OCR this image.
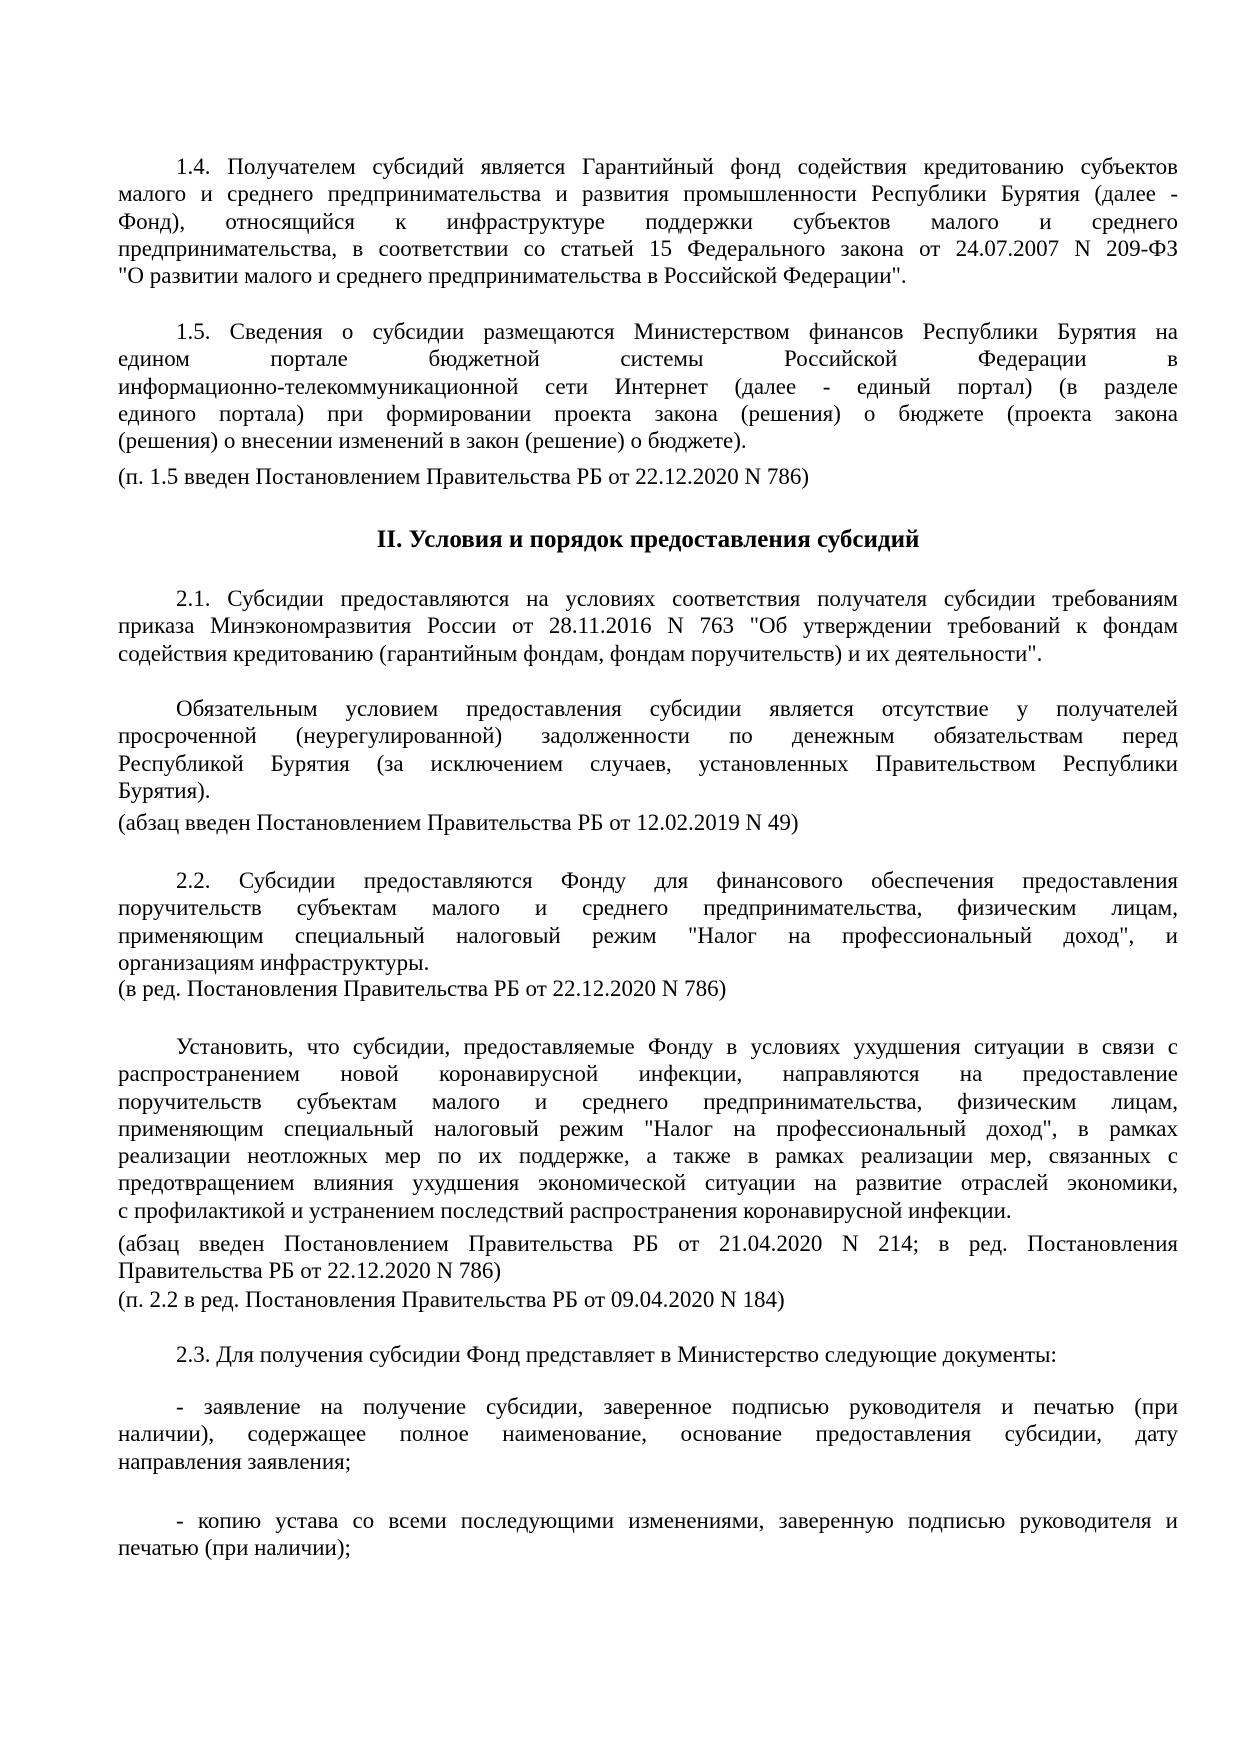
1.4. Получателем субсидий является Гарантийный фонд содействия кредитованию субъектов
малого и среднего предпринимательства и развития промышленности Республики Бурятия (далее -
Фонд), относящийся к инфраструктуре поддержки субъектов малого и среднего
предпринимательства, в соответствии со статьей 15 Федерального закона от 24.07.2007 N 209-ФЗ
"О развитии малого и среднего предпринимательства в Российской Федерации".
1.5. Сведения о субсидии размещаются Министерством финансов Республики Бурятия на
едином портале бюджетной системы Российской Федерации в
информационно-телекоммуникационной сети Интернет (далее - единый портал) (в разделе
единого портала) при формировании проекта закона (решения) о бюджете (проекта закона
(решения) о внесении изменений в закон (решение) о бюджете).
(п. 1.5 введен Постановлением Правительства РБ от 22.12.2020 N 786)
II. Условия и порядок предоставления субсидий
2.1. Субсидии предоставляются на условиях соответствия получателя субсидии требованиям
приказа Минэкономразвития России от 28.11.2016 N 763 "Об утверждении требований к фондам
содействия кредитованию (гарантийным фондам, фондам поручительств) и их деятельности".
Обязательным условием предоставления субсидии является отсутствие у получателей
просроченной (неурегулированной) задолженности по денежным обязательствам перед
Республикой Бурятия (за исключением случаев, установленных Правительством Республики
Бурятия).
(абзац введен Постановлением Правительства РБ от 12.02.2019 N 49)
2.2. Субсидии предоставляются Фонду для финансового обеспечения предоставления
поручительств субъектам малого и среднего предпринимательства, физическим лицам,
применяющим специальный налоговый режим "Налог на профессиональный доход", и
организациям инфраструктуры.
(в ред. Постановления Правительства РБ от 22.12.2020 N 786)
Установить, что субсидии, предоставляемые Фонду в условиях ухудшения ситуации в связи с
распространением новой коронавирусной инфекции, направляются на предоставление
поручительств субъектам малого и среднего предпринимательства, физическим лицам,
применяющим специальный налоговый режим "Налог на профессиональный доход", в рамках
реализации неотложных мер по их поддержке, а также в рамках реализации мер, связанных с
предотвращением влияния ухудшения экономической ситуации на развитие отраслей экономики,
с профилактикой и устранением последствий распространения коронавирусной инфекции.
(абзац введен Постановлением Правительства РБ от 21.04.2020 N 214; в ред. Постановления
Правительства РБ от 22.12.2020 N 786)
(п. 2.2 в ред. Постановления Правительства РБ от 09.04.2020 N 184)
2.3. Для получения субсидии Фонд представляет в Министерство следующие документы:
- заявление на получение субсидии, заверенное подписью руководителя и печатью (при
наличии), содержащее полное наименование, основание предоставления субсидии, дату
направления заявления;
- копию устава со всеми последующими изменениями, заверенную подписью руководителя и
печатью (при наличии);
